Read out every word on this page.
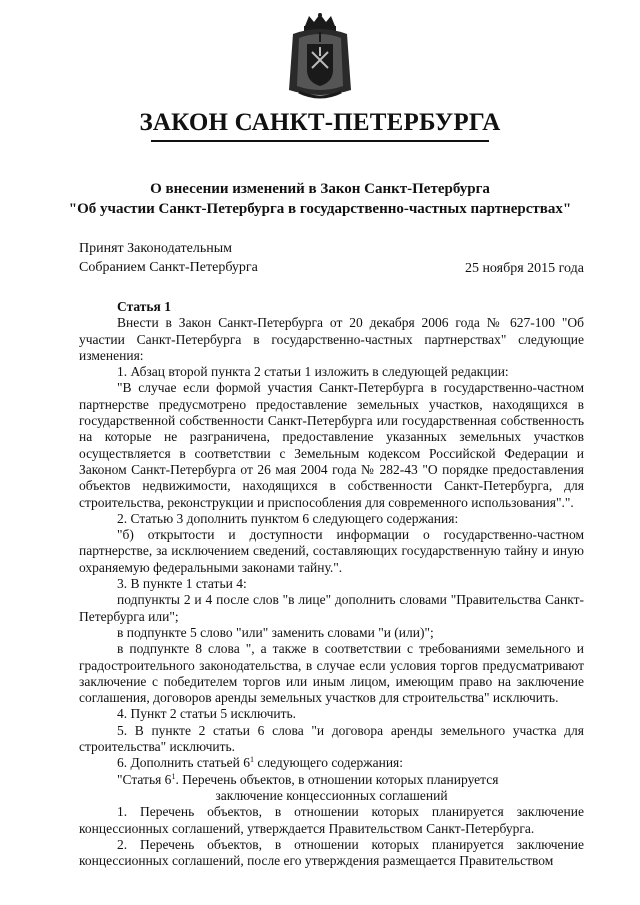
ЗАКОН САНКТ-ПЕТЕРБУРГА
О внесении изменений в Закон Санкт-Петербурга
"Об участии Санкт-Петербурга в государственно-частных партнерствах"
Принят Законодательным
Собранием Санкт-Петербурга	25 ноября 2015 года

Статья 1

Внести в Закон Санкт-Петербурга от 20 декабря 2006 года № 627-100 "Об участии Санкт-Петербурга в государственно-частных партнерствах" следующие изменения:

1. Абзац второй пункта 2 статьи 1 изложить в следующей редакции:

"В случае если формой участия Санкт-Петербурга в государственно-частном партнерстве предусмотрено предоставление земельных участков, находящихся в государственной собственности Санкт-Петербурга или государственная собственность на которые не разграничена, предоставление указанных земельных участков осуществляется в соответствии с Земельным кодексом Российской Федерации и Законом Санкт-Петербурга от 26 мая 2004 года № 282-43 "О порядке предоставления объектов недвижимости, находящихся в собственности Санкт-Петербурга, для строительства, реконструкции и приспособления для современного использования".".

2. Статью 3 дополнить пунктом 6 следующего содержания:

"б) открытости и доступности информации о государственно-частном партнерстве, за исключением сведений, составляющих государственную тайну и иную охраняемую федеральными законами тайну.".

3. В пункте 1 статьи 4:

подпункты 2 и 4 после слов "в лице" дополнить словами "Правительства Санкт-Петербурга или";

в подпункте 5 слово "или" заменить словами "и (или)";

в подпункте 8 слова ", а также в соответствии с требованиями земельного и градостроительного законодательства, в случае если условия торгов предусматривают заключение с победителем торгов или иным лицом, имеющим право на заключение соглашения, договоров аренды земельных участков для строительства" исключить.

4. Пункт 2 статьи 5 исключить.

5. В пункте 2 статьи 6 слова "и договора аренды земельного участка для строительства" исключить.

6. Дополнить статьей $6^1$ следующего содержания:

"Статья $6^1$. Перечень объектов, в отношении которых планируется

заключение концессионных соглашений

1. Перечень объектов, в отношении которых планируется заключение концессионных соглашений, утверждается Правительством Санкт-Петербурга.

2. Перечень объектов, в отношении которых планируется заключение концессионных соглашений, после его утверждения размещается Правительством
